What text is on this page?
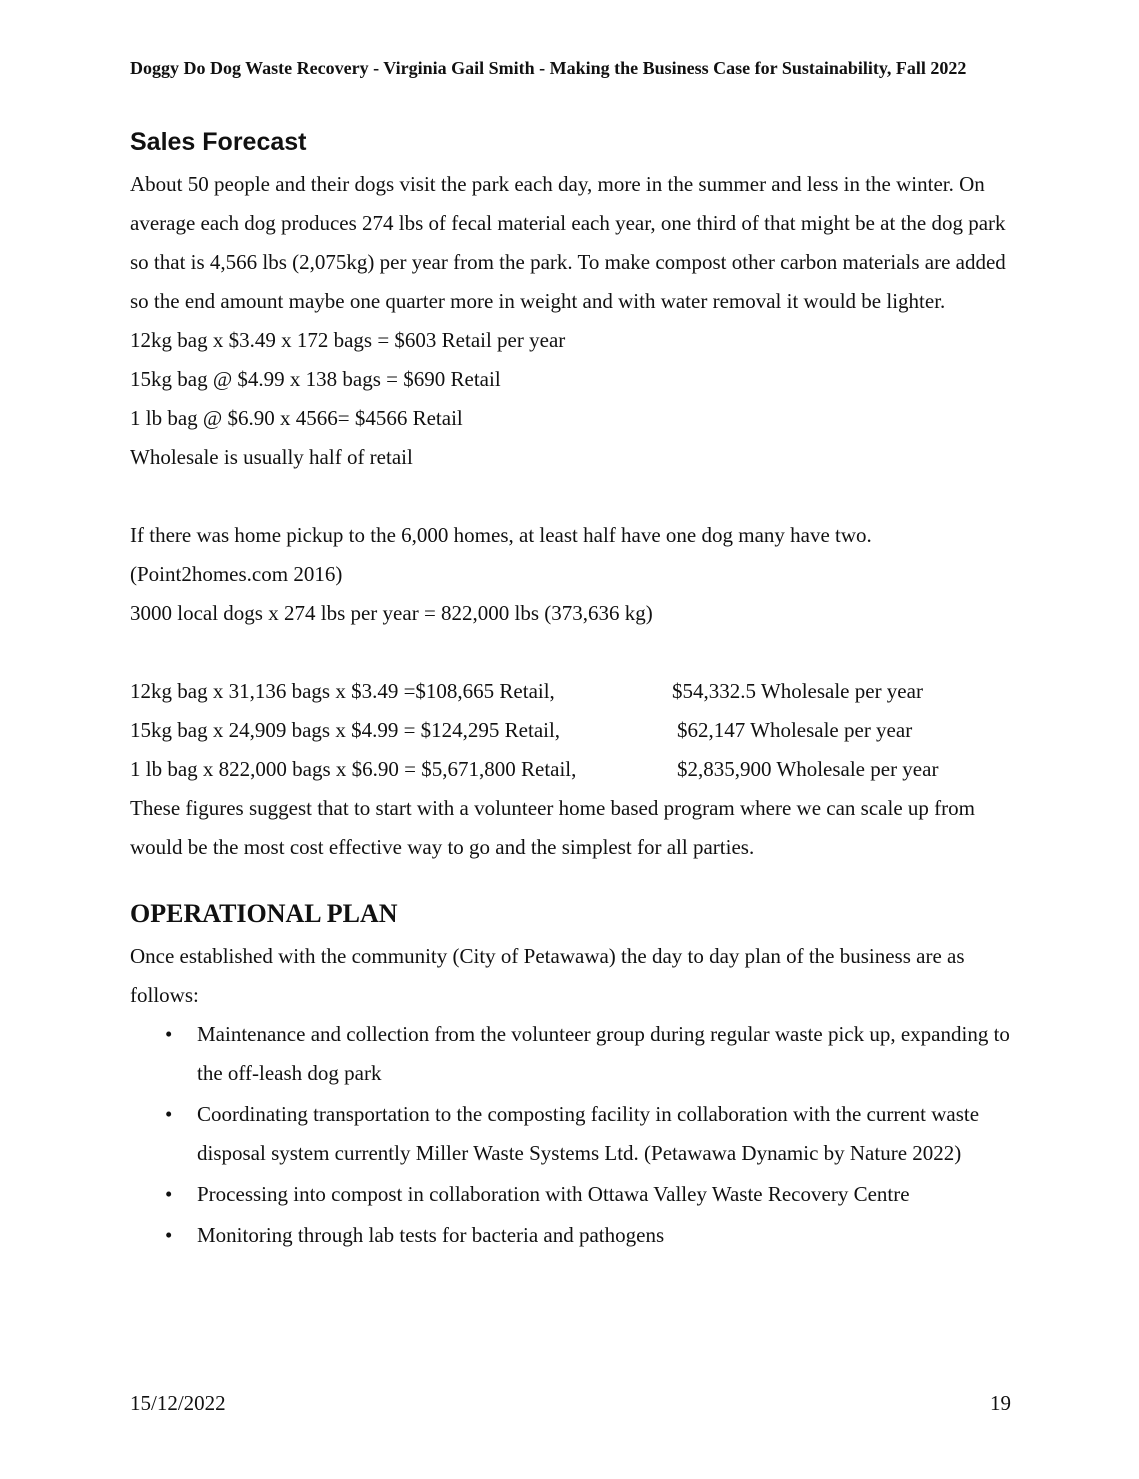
Doggy Do Dog Waste Recovery - Virginia Gail Smith - Making the Business Case for Sustainability, Fall 2022
Sales Forecast

About 50 people and their dogs visit the park each day, more in the summer and less in the winter. On average each dog produces 274 lbs of fecal material each year, one third of that might be at the dog park so that is 4,566 lbs (2,075kg) per year from the park. To make compost other carbon materials are added so the end amount maybe one quarter more in weight and with water removal it would be lighter.

12kg bag x $3.49 x 172 bags = $603 Retail per year

15kg bag @ $4.99 x 138 bags = $690 Retail

1 lb bag @ $6.90 x 4566= $4566 Retail

Wholesale is usually half of retail

If there was home pickup to the 6,000 homes, at least half have one dog many have two.

(Point2homes.com 2016)

3000 local dogs x 274 lbs per year = 822,000 lbs (373,636 kg)

12kg bag x 31,136 bags x $3.49 =$108,665 Retail,	$54,332.5 Wholesale per year
15kg bag x 24,909 bags x $4.99 = $124,295 Retail,	$62,147 Wholesale per year
1 lb bag x 822,000 bags x $6.90 = $5,671,800 Retail,	$2,835,900 Wholesale per year

These figures suggest that to start with a volunteer home based program where we can scale up from would be the most cost effective way to go and the simplest for all parties.

OPERATIONAL PLAN

Once established with the community (City of Petawawa) the day to day plan of the business are as follows:

• Maintenance and collection from the volunteer group during regular waste pick up, expanding to the off-leash dog park
• Coordinating transportation to the composting facility in collaboration with the current waste disposal system currently Miller Waste Systems Ltd. (Petawawa Dynamic by Nature 2022)
• Processing into compost in collaboration with Ottawa Valley Waste Recovery Centre
• Monitoring through lab tests for bacteria and pathogens
15/12/2022	19
